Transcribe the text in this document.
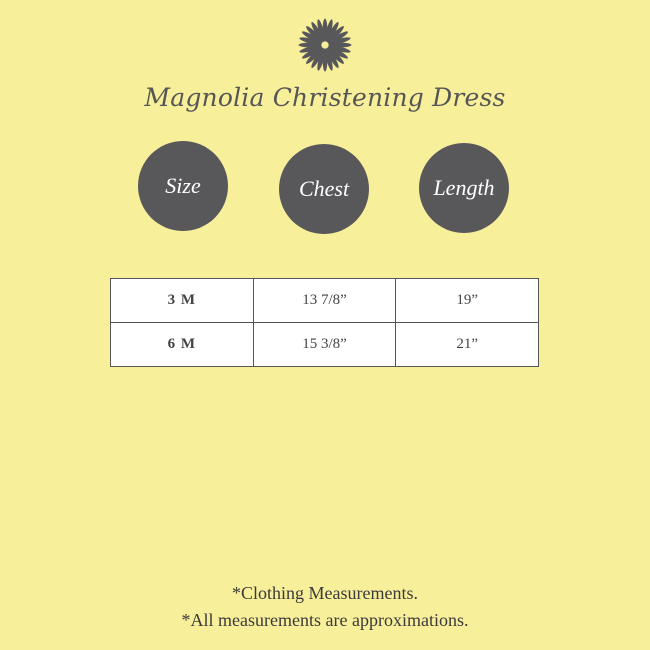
Magnolia Christening Dress
Size	Chest	Length
3 M	13 7/8”	19”
6 M	15 3/8”	21”
*Clothing Measurements.
*All measurements are approximations.
